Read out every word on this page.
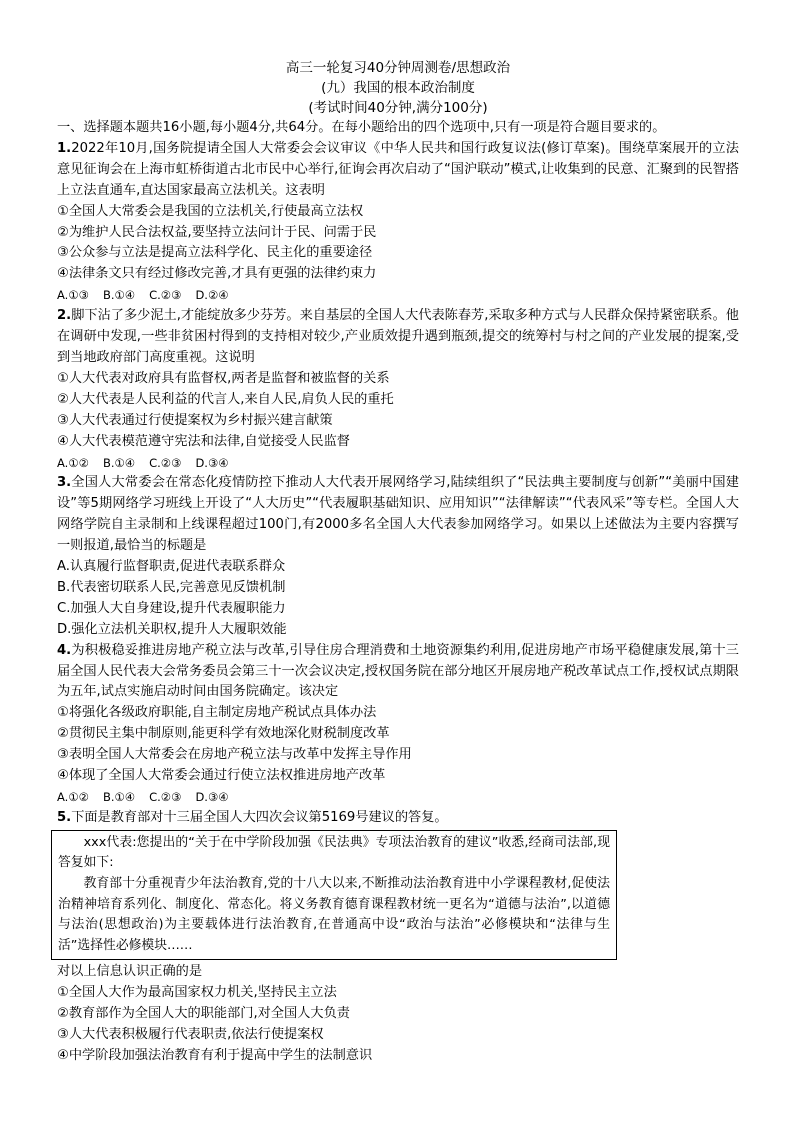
高三一轮复习40分钟周测卷/思想政治
(九）我国的根本政治制度
(考试时间40分钟,满分100分)
一、选择题本题共16小题,每小题4分,共64分。在每小题给出的四个选项中,只有一项是符合题目要求的。
1.2022年10月,国务院提请全国人大常委会会议审议《中华人民共和国行政复议法(修订草案)。围绕草案展开的立法意见征询会在上海市虹桥街道古北市民中心举行,征询会再次启动了“国沪联动”模式,让收集到的民意、汇聚到的民智搭上立法直通车,直达国家最高立法机关。这表明
①全国人大常委会是我国的立法机关,行使最高立法权
②为维护人民合法权益,要坚持立法问计于民、问需于民
③公众参与立法是提高立法科学化、民主化的重要途径
④法律条文只有经过修改完善,才具有更强的法律约束力
A.①③ B.①④ C.②③ D.②④
2.脚下沾了多少泥土,才能绽放多少芬芳。来自基层的全国人大代表陈春芳,采取多种方式与人民群众保持紧密联系。他在调研中发现,一些非贫困村得到的支持相对较少,产业质效提升遇到瓶颈,提交的统筹村与村之间的产业发展的提案,受到当地政府部门高度重视。这说明
①人大代表对政府具有监督权,两者是监督和被监督的关系
②人大代表是人民利益的代言人,来自人民,肩负人民的重托
③人大代表通过行使提案权为乡村振兴建言献策
④人大代表模范遵守宪法和法律,自觉接受人民监督
A.①② B.①④ C.②③ D.③④
3.全国人大常委会在常态化疫情防控下推动人大代表开展网络学习,陆续组织了“民法典主要制度与创新”“美丽中国建设”等5期网络学习班线上开设了“人大历史”“代表履职基础知识、应用知识”“法律解读”“代表风采”等专栏。全国人大网络学院自主录制和上线课程超过100门,有2000多名全国人大代表参加网络学习。如果以上述做法为主要内容撰写一则报道,最恰当的标题是
A.认真履行监督职责,促进代表联系群众
B.代表密切联系人民,完善意见反馈机制
C.加强人大自身建设,提升代表履职能力
D.强化立法机关职权,提升人大履职效能
4.为积极稳妥推进房地产税立法与改革,引导住房合理消费和土地资源集约利用,促进房地产市场平稳健康发展,第十三届全国人民代表大会常务委员会第三十一次会议决定,授权国务院在部分地区开展房地产税改革试点工作,授权试点期限为五年,试点实施启动时间由国务院确定。该决定
①将强化各级政府职能,自主制定房地产税试点具体办法
②贯彻民主集中制原则,能更科学有效地深化财税制度改革
③表明全国人大常委会在房地产税立法与改革中发挥主导作用
④体现了全国人大常委会通过行使立法权推进房地产改革
A.①② B.①④ C.②③ D.③④
5.下面是教育部对十三届全国人大四次会议第5169号建议的答复。
xxx代表:您提出的“关于在中学阶段加强《民法典》专项法治教育的建议”收悉,经商司法部,现答复如下:
教育部十分重视青少年法治教育,党的十八大以来,不断推动法治教育进中小学课程教材,促使法治精神培育系列化、制度化、常态化。将义务教育德育课程教材统一更名为“道德与法治”,以道德与法治(思想政治)为主要载体进行法治教育,在普通高中设“政治与法治”必修模块和“法律与生活”选择性必修模块……
对以上信息认识正确的是
①全国人大作为最高国家权力机关,坚持民主立法
②教育部作为全国人大的职能部门,对全国人大负责
③人大代表积极履行代表职责,依法行使提案权
④中学阶段加强法治教育有利于提高中学生的法制意识
